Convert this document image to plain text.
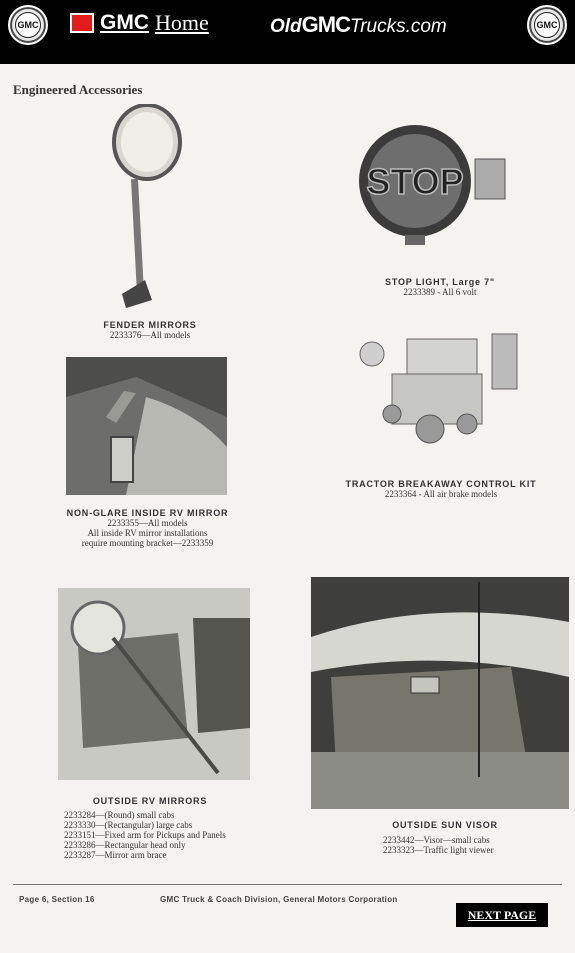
GMC	GMC Home	OldGMCTrucks.com	GMC
Engineered Accessories
FENDER MIRRORS
2233376—All models
STOP
STOP LIGHT, Large 7"
2233389 - All 6 volt
NON-GLARE INSIDE RV MIRROR
2233355—All models
All inside RV mirror installations
require mounting bracket—2233359
TRACTOR BREAKAWAY CONTROL KIT
2233364 - All air brake models
OUTSIDE RV MIRRORS
2233284—(Round) small cabs
2233330—(Rectangular) large cabs
2233151—Fixed arm for Pickups and Panels
2233286—Rectangular head only
2233287—Mirror arm brace
OUTSIDE SUN VISOR
2233442—Visor—small cabs
2233323—Traffic light viewer
Page 6, Section 16	GMC Truck & Coach Division, General Motors Corporation
NEXT PAGE
